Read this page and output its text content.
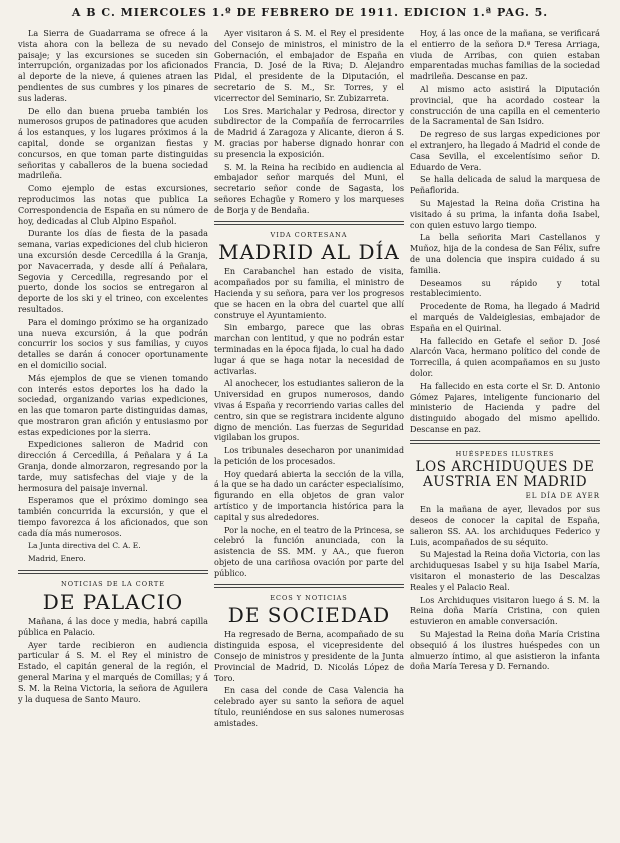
A B C. MIERCOLES 1.º DE FEBRERO DE 1911. EDICION 1.ª PAG. 5.

La Sierra de Guadarrama se ofrece á la vista ahora con la belleza de su nevado paisaje; y las excursiones se suceden sin interrupción, organizadas por los aficionados al deporte de la nieve, á quienes atraen las pendientes de sus cumbres y los pinares de sus laderas.

De ello dan buena prueba también los numerosos grupos de patinadores que acuden á los estanques, y los lugares próximos á la capital, donde se organizan fiestas y concursos, en que toman parte distinguidas señoritas y caballeros de la buena sociedad madrileña.

Como ejemplo de estas excursiones, reproducimos las notas que publica La Correspondencia de España en su número de hoy, dedicadas al Club Alpino Español.

Durante los días de fiesta de la pasada semana, varias expediciones del club hicieron una excursión desde Cercedilla á la Granja, por Navacerrada, y desde allí á Peñalara, Segovia y Cercedilla, regresando por el puerto, donde los socios se entregaron al deporte de los ski y el trineo, con excelentes resultados.

Para el domingo próximo se ha organizado una nueva excursión, á la que podrán concurrir los socios y sus familias, y cuyos detalles se darán á conocer oportunamente en el domicilio social.

Más ejemplos de que se vienen tomando con interés estos deportes los ha dado la sociedad, organizando varias expediciones, en las que tomaron parte distinguidas damas, que mostraron gran afición y entusiasmo por estas expediciones por la sierra.

Expediciones salieron de Madrid con dirección á Cercedilla, á Peñalara y á La Granja, donde almorzaron, regresando por la tarde, muy satisfechas del viaje y de la hermosura del paisaje invernal.

Esperamos que el próximo domingo sea también concurrida la excursión, y que el tiempo favorezca á los aficionados, que son cada día más numerosos.

La Junta directiva del C. A. E.
Madrid, Enero.
NOTICIAS DE LA CORTE
DE PALACIO

Mañana, á las doce y media, habrá capilla pública en Palacio.

Ayer tarde recibieron en audiencia particular á S. M. el Rey el ministro de Estado, el capitán general de la región, el general Marina y el marqués de Comillas; y á S. M. la Reina Victoria, la señora de Aguilera y la duquesa de Santo Mauro.

Ayer visitaron á S. M. el Rey el presidente del Consejo de ministros, el ministro de la Gobernación, el embajador de España en Francia, D. José de la Riva; D. Alejandro Pidal, el presidente de la Diputación, el secretario de S. M., Sr. Torres, y el vicerrector del Seminario, Sr. Zubizarreta.

Los Sres. Marichalar y Pedrosa, director y subdirector de la Compañía de ferrocarriles de Madrid á Zaragoza y Alicante, dieron á S. M. gracias por haberse dignado honrar con su presencia la exposición.

S. M. la Reina ha recibido en audiencia al embajador señor marqués del Muni, el secretario señor conde de Sagasta, los señores Echagüe y Romero y los marqueses de Borja y de Bendaña.

VIDA CORTESANA
MADRID AL DÍA

En Carabanchel han estado de visita, acompañados por su familia, el ministro de Hacienda y su señora, para ver los progresos que se hacen en la obra del cuartel que allí construye el Ayuntamiento.

Sin embargo, parece que las obras marchan con lentitud, y que no podrán estar terminadas en la época fijada, lo cual ha dado lugar á que se haga notar la necesidad de activarlas.

Al anochecer, los estudiantes salieron de la Universidad en grupos numerosos, dando vivas á España y recorriendo varias calles del centro, sin que se registrara incidente alguno digno de mención. Las fuerzas de Seguridad vigilaban los grupos.

Los tribunales desecharon por unanimidad la petición de los procesados.

Hoy quedará abierta la sección de la villa, á la que se ha dado un carácter especialísimo, figurando en ella objetos de gran valor artístico y de importancia histórica para la capital y sus alrededores.

Por la noche, en el teatro de la Princesa, se celebró la función anunciada, con la asistencia de SS. MM. y AA., que fueron objeto de una cariñosa ovación por parte del público.

ECOS Y NOTICIAS
DE SOCIEDAD

Ha regresado de Berna, acompañado de su distinguida esposa, el vicepresidente del Consejo de ministros y presidente de la Junta Provincial de Madrid, D. Nicolás López de Toro.

En casa del conde de Casa Valencia ha celebrado ayer su santo la señora de aquel título, reuniéndose en sus salones numerosas amistades.

Hoy, á las once de la mañana, se verificará el entierro de la señora D.ª Teresa Arriaga, viuda de Arribas, con quien estaban emparentadas muchas familias de la sociedad madrileña. Descanse en paz.

Al mismo acto asistirá la Diputación provincial, que ha acordado costear la construcción de una capilla en el cementerio de la Sacramental de San Isidro.

De regreso de sus largas expediciones por el extranjero, ha llegado á Madrid el conde de Casa Sevilla, el excelentísimo señor D. Eduardo de Vera.

Se halla delicada de salud la marquesa de Peñaflorida.

Su Majestad la Reina doña Cristina ha visitado á su prima, la infanta doña Isabel, con quien estuvo largo tiempo.

La bella señorita Mari Castellanos y Muñoz, hija de la condesa de San Félix, sufre de una dolencia que inspira cuidado á su familia.

Deseamos su rápido y total restablecimiento.

Procedente de Roma, ha llegado á Madrid el marqués de Valdeiglesias, embajador de España en el Quirinal.

Ha fallecido en Getafe el señor D. José Alarcón Vaca, hermano político del conde de Torrecilla, á quien acompañamos en su justo dolor.

Ha fallecido en esta corte el Sr. D. Antonio Gómez Pajares, inteligente funcionario del ministerio de Hacienda y padre del distinguido abogado del mismo apellido. Descanse en paz.

HUÉSPEDES ILUSTRES
LOS ARCHIDUQUES DE AUSTRIA EN MADRID
EL DÍA DE AYER

En la mañana de ayer, llevados por sus deseos de conocer la capital de España, salieron SS. AA. los archiduques Federico y Luis, acompañados de su séquito.

Su Majestad la Reina doña Victoria, con las archiduquesas Isabel y su hija Isabel María, visitaron el monasterio de las Descalzas Reales y el Palacio Real.

Los Archiduques visitaron luego á S. M. la Reina doña María Cristina, con quien estuvieron en amable conversación.

Su Majestad la Reina doña María Cristina obsequió á los ilustres huéspedes con un almuerzo íntimo, al que asistieron la infanta doña María Teresa y D. Fernando.
